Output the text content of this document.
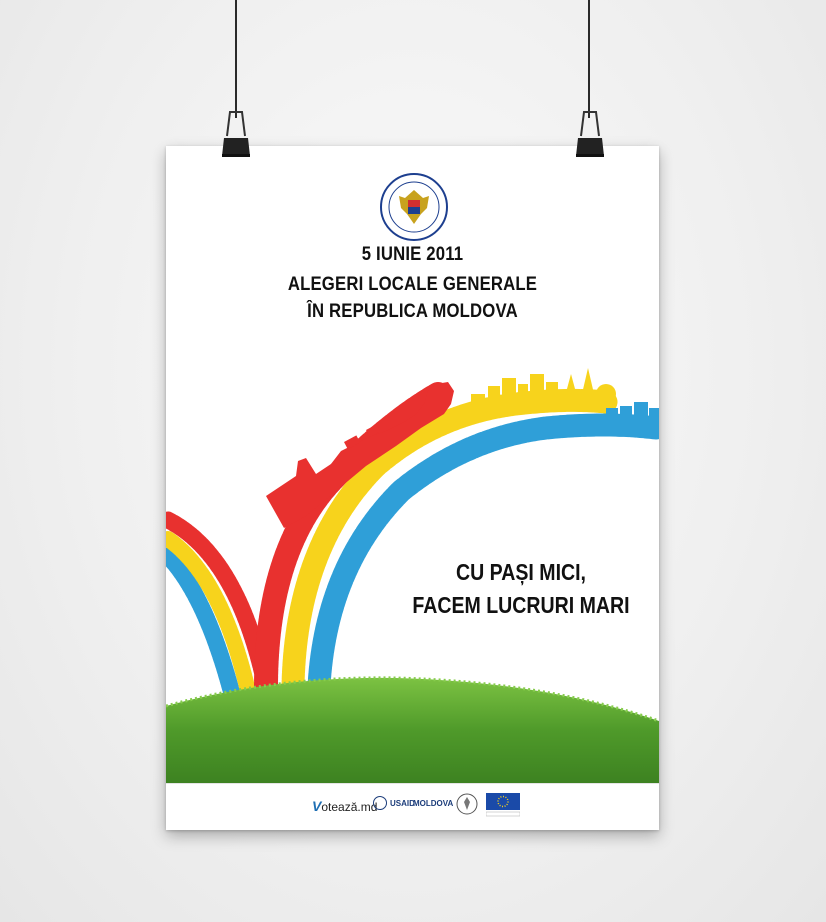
5 IUNIE 2011
ALEGERI LOCALE GENERALE
ÎN REPUBLICA MOLDOVA
CU PAȘI MICI,
FACEM LUCRURI MARI
Votează.md USAID
MOLDOVA
